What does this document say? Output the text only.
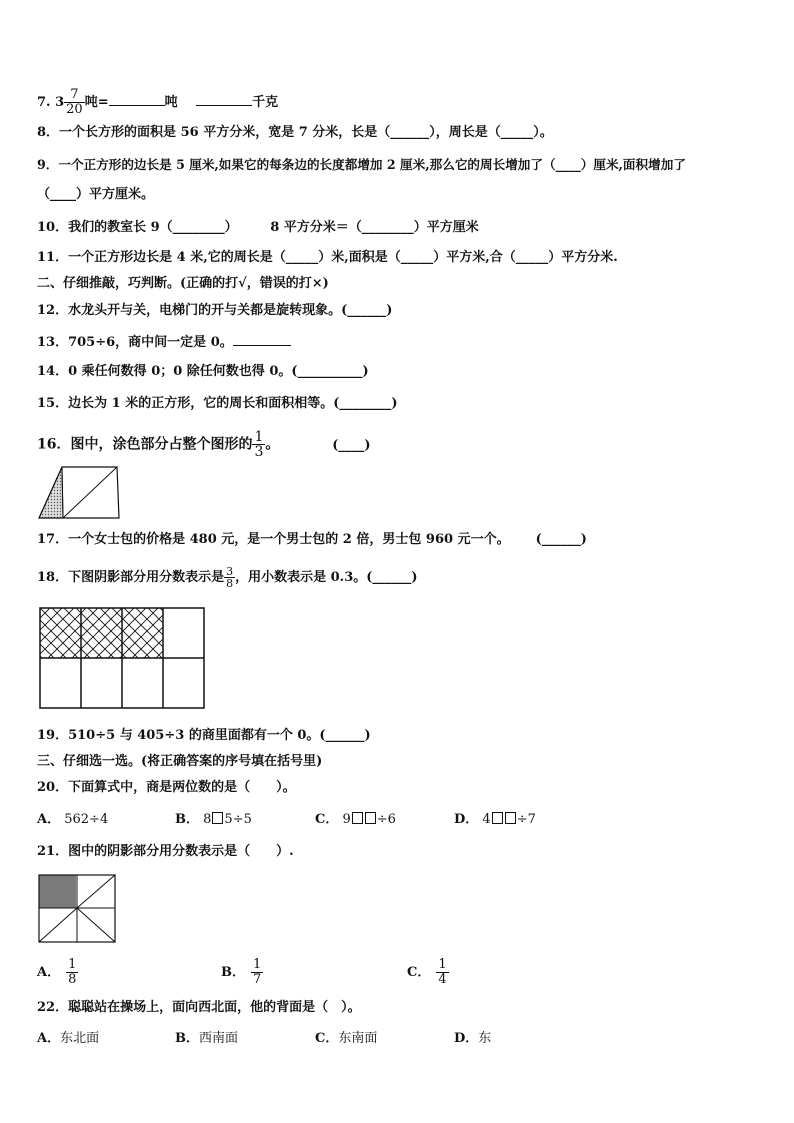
7. $3 \frac{7}{20}$ 吨=	吨	千克
8．一个长方形的面积是 56 平方分米，宽是 7 分米，长是（______），周长是（_____）。
9．一个正方形的边长是 5 厘米,如果它的每条边的长度都增加 2 厘米,那么它的周长增加了（____）厘米,面积增加了
（____）平方厘米。
10．我们的教室长 9（________）	8 平方分米＝（________）平方厘米
11．一个正方形边长是 4 米,它的周长是（_____）米,面积是（_____）平方米,合（_____）平方分米.
二、仔细推敲，巧判断。(正确的打√，错误的打×)
12．水龙头开与关，电梯门的开与关都是旋转现象。(______)
13．705÷6，商中间一定是 0。
14．0 乘任何数得 0；0 除任何数也得 0。(__________)
15．边长为 1 米的正方形，它的周长和面积相等。(________)
16．图中，涂色部分占整个图形的 $\frac{1}{3}$ 。	(____)
17．一个女士包的价格是 480 元，是一个男士包的 2 倍，男士包 960 元一个。 (______)
18．下图阴影部分用分数表示是 $\frac{3}{8}$ ，用小数表示是 0.3。(______)
19．510÷5 与 405÷3 的商里面都有一个 0。(______)
三、仔细选一选。(将正确答案的序号填在括号里)
20．下面算式中，商是两位数的是（　　）。
A． 562÷4	B． 8 5÷5	C． 9 ÷6	D． 4 ÷7
21．图中的阴影部分用分数表示是（　　）.
A． $\frac{1}{8}$	B． $\frac{1}{7}$	C． $\frac{1}{4}$
22．聪聪站在操场上，面向西北面，他的背面是（　）。
A．东北面	B．西南面	C．东南面	D．东
